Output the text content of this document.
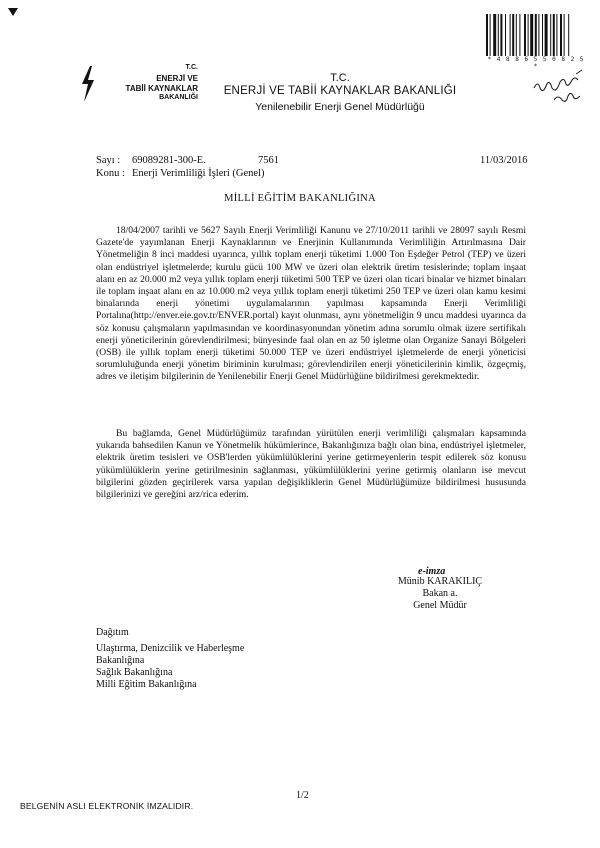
* 4 8 8 6 5 5 0 8 2 5 *
T.C.
ENERJİ VE
TABİİ KAYNAKLAR
BAKANLIĞI
T.C.
ENERJİ VE TABİİ KAYNAKLAR BAKANLIĞI
Yenilenebilir Enerji Genel Müdürlüğü
Sayı : 69089281-300-E.	7561	11/03/2016
Konu : Enerji Verimliliği İşleri (Genel)
MİLLİ EĞİTİM BAKANLIĞINA

18/04/2007 tarihli ve 5627 Sayılı Enerji Verimliliği Kanunu ve 27/10/2011 tarihli ve 28097 sayılı Resmi Gazete'de yayımlanan Enerji Kaynaklarının ve Enerjinin Kullanımında Verimliliğin Artırılmasına Dair Yönetmeliğin 8 inci maddesi uyarınca, yıllık toplam enerji tüketimi 1.000 Ton Eşdeğer Petrol (TEP) ve üzeri olan endüstriyel işletmelerde; kurulu gücü 100 MW ve üzeri olan elektrik üretim tesislerinde; toplam inşaat alanı en az 20.000 m2 veya yıllık toplam enerji tüketimi 500 TEP ve üzeri olan ticari binalar ve hizmet binaları ile toplam inşaat alanı en az 10.000 m2 veya yıllık toplam enerji tüketimi 250 TEP ve üzeri olan kamu kesimi binalarında enerji yönetimi uygulamalarının yapılması kapsamında Enerji Verimliliği Portalına(http://enver.eie.gov.tr/ENVER.portal) kayıt olunması, aynı yönetmeliğin 9 uncu maddesi uyarınca da söz konusu çalışmaların yapılmasından ve koordinasyonundan yönetim adına sorumlu olmak üzere sertifikalı enerji yöneticilerinin görevlendirilmesi; bünyesinde faal olan en az 50 işletme olan Organize Sanayi Bölgeleri (OSB) ile yıllık toplam enerji tüketimi 50.000 TEP ve üzeri endüstriyel işletmelerde de enerji yöneticisi sorumluluğunda enerji yönetim biriminin kurulması; görevlendirilen enerji yöneticilerinin kimlik, özgeçmiş, adres ve iletişim bilgilerinin de Yenilenebilir Enerji Genel Müdürlüğüne bildirilmesi gerekmektedir.

Bu bağlamda, Genel Müdürlüğümüz tarafından yürütülen enerji verimliliği çalışmaları kapsamında yukarıda bahsedilen Kanun ve Yönetmelik hükümlerince, Bakanlığınıza bağlı olan bina, endüstriyel işletmeler, elektrik üretim tesisleri ve OSB'lerden yükümlülüklerini yerine getirmeyenlerin tespit edilerek söz konusu yükümlülüklerin yerine getirilmesinin sağlanması, yükümlülüklerini yerine getirmiş olanların ise mevcut bilgilerini gözden geçirilerek varsa yapılan değişikliklerin Genel Müdürlüğümüze bildirilmesi hususunda bilgilerinizi ve gereğini arz/rica ederim.

e-imza
Münib KARAKILIÇ
Bakan a.
Genel Müdür
Dağıtım
Ulaştırma, Denizcilik ve Haberleşme
Bakanlığına
Sağlık Bakanlığına
Milli Eğitim Bakanlığına
1/2
BELGENİN ASLI ELEKTRONİK İMZALIDIR.
